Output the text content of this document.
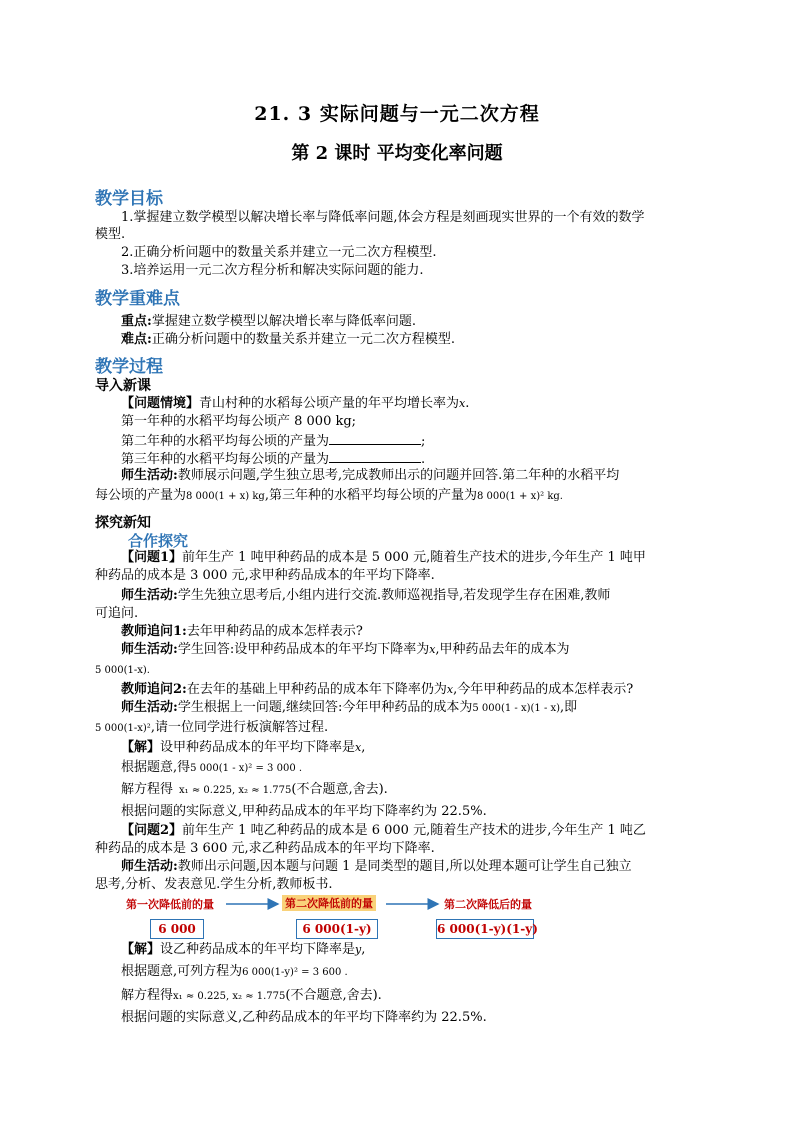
21. 3 实际问题与一元二次方程
第 2 课时 平均变化率问题
教学目标
1.掌握建立数学模型以解决增长率与降低率问题,体会方程是刻画现实世界的一个有效的数学
模型.
2.正确分析问题中的数量关系并建立一元二次方程模型.
3.培养运用一元二次方程分析和解决实际问题的能力.
教学重难点
重点:掌握建立数学模型以解决增长率与降低率问题.
难点:正确分析问题中的数量关系并建立一元二次方程模型.
教学过程
导入新课
【问题情境】青山村种的水稻每公顷产量的年平均增长率为x.
第一年种的水稻平均每公顷产 8 000 kg;
第二年种的水稻平均每公顷的产量为	;
第三年种的水稻平均每公顷的产量为	.
师生活动:教师展示问题,学生独立思考,完成教师出示的问题并回答.第二年种的水稻平均
每公顷的产量为8 000(1 + x) kg,第三年种的水稻平均每公顷的产量为8 000(1 + x)² kg.
探究新知
合作探究
【问题1】前年生产 1 吨甲种药品的成本是 5 000 元,随着生产技术的进步,今年生产 1 吨甲
种药品的成本是 3 000 元,求甲种药品成本的年平均下降率.
师生活动:学生先独立思考后,小组内进行交流.教师巡视指导,若发现学生存在困难,教师
可追问.
教师追问1:去年甲种药品的成本怎样表示?
师生活动:学生回答:设甲种药品成本的年平均下降率为x,甲种药品去年的成本为
5 000(1-x).
教师追问2:在去年的基础上甲种药品的成本年下降率仍为x,今年甲种药品的成本怎样表示?
师生活动:学生根据上一问题,继续回答:今年甲种药品的成本为5 000(1 - x)(1 - x),即
5 000(1-x)²,请一位同学进行板演解答过程.
【解】设甲种药品成本的年平均下降率是x,
根据题意,得5 000(1 - x)² = 3 000 .
解方程得 x₁ ≈ 0.225, x₂ ≈ 1.775(不合题意,舍去).
根据问题的实际意义,甲种药品成本的年平均下降率约为 22.5%.
【问题2】前年生产 1 吨乙种药品的成本是 6 000 元,随着生产技术的进步,今年生产 1 吨乙
种药品的成本是 3 600 元,求乙种药品成本的年平均下降率.
师生活动:教师出示问题,因本题与问题 1 是同类型的题目,所以处理本题可让学生自己独立
思考,分析、发表意见.学生分析,教师板书.
第一次降低前的量	第二次降低前的量	第二次降低后的量
6 000	6 000(1-y)	6 000(1-y)(1-y)
【解】设乙种药品成本的年平均下降率是y,
根据题意,可列方程为6 000(1-y)² = 3 600 .
解方程得x₁ ≈ 0.225, x₂ ≈ 1.775(不合题意,舍去).
根据问题的实际意义,乙种药品成本的年平均下降率约为 22.5%.
